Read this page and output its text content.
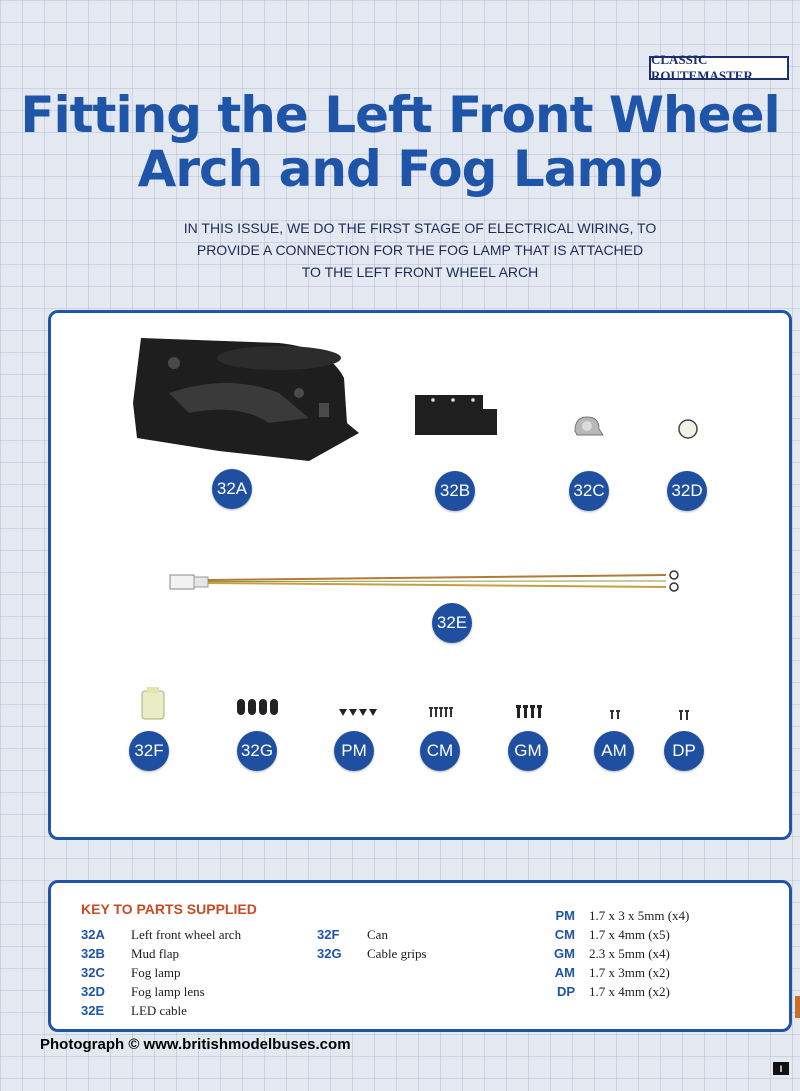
CLASSIC ROUTEMASTER
Fitting the Left Front Wheel
Arch and Fog Lamp

IN THIS ISSUE, WE DO THE FIRST STAGE OF ELECTRICAL WIRING, TO
PROVIDE A CONNECTION FOR THE FOG LAMP THAT IS ATTACHED
TO THE LEFT FRONT WHEEL ARCH

32A	32B	32C	32D
32E
32F	32G	PM	CM	GM	AM	DP
KEY TO PARTS SUPPLIED
32A	Left front wheel arch
32B	Mud flap
32C	Fog lamp
32D	Fog lamp lens
32E	LED cable
32F	Can
32G	Cable grips
PM	1.7 x 3 x 5mm (x4)
CM	1.7 x 4mm (x5)
GM	2.3 x 5mm (x4)
AM	1.7 x 3mm (x2)
DP	1.7 x 4mm (x2)
Photograph © www.britishmodelbuses.com
I
